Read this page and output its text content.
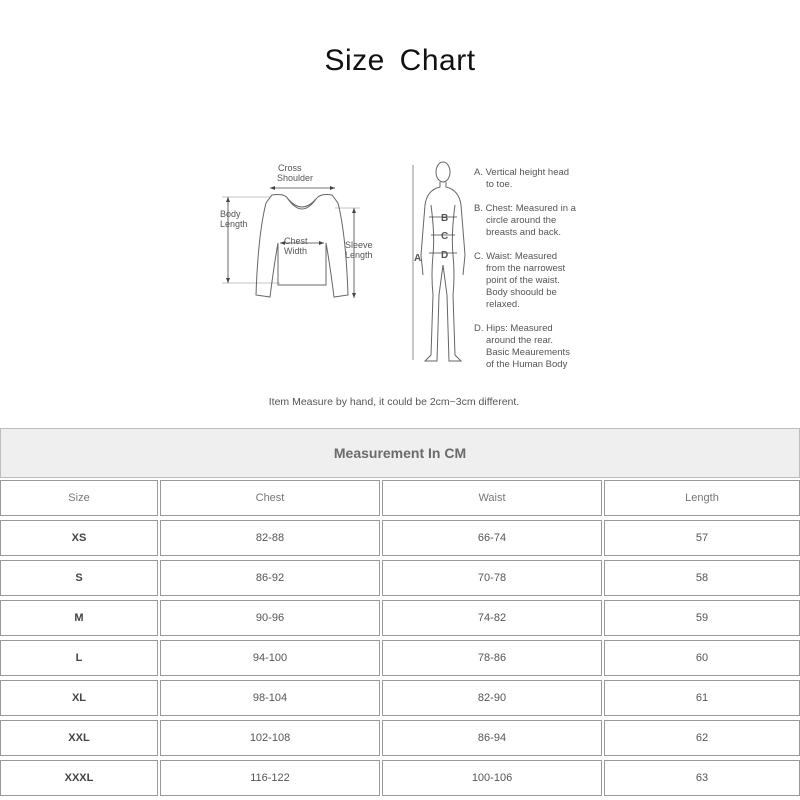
Size Chart
Cross
Shoulder
Body
Length
Chest
Width
Sleeve
Length
B
C
D
A
A. Vertical height head
to toe.
B. Chest: Measured in a
circle around the
breasts and back.
C. Waist: Measured
from the narrowest
point of the waist.
Body shoould be
relaxed.
D. Hips: Measured
around the rear.
Basic Meaurements
of the Human Body
Item Measure by hand, it could be 2cm~3cm different.
Measurement In CM
Size	Chest	Waist	Length
XS	82-88	66-74	57
S	86-92	70-78	58
M	90-96	74-82	59
L	94-100	78-86	60
XL	98-104	82-90	61
XXL	102-108	86-94	62
XXXL	116-122	100-106	63
